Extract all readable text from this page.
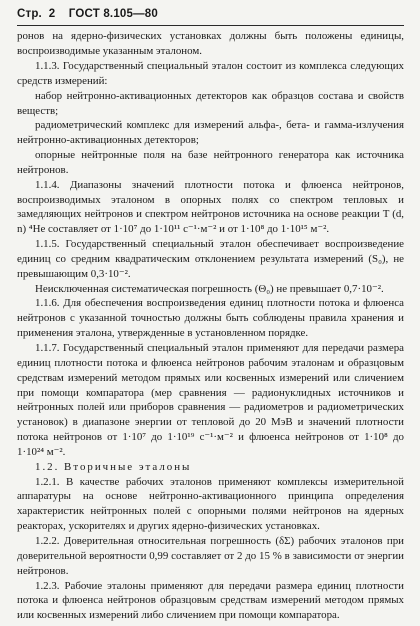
Стр. 2 ГОСТ 8.105—80

ронов на ядерно-физических установках должны быть положены единицы, воспроизводимые указанным эталоном.

1.1.3. Государственный специальный эталон состоит из комплекса следующих средств измерений:

набор нейтронно-активационных детекторов как образцов состава и свойств веществ;

радиометрический комплекс для измерений альфа-, бета- и гамма-излучения нейтронно-активационных детекторов;

опорные нейтронные поля на базе нейтронного генератора как источника нейтронов.

1.1.4. Диапазоны значений плотности потока и флюенса нейтронов, воспроизводимых эталоном в опорных полях со спектром тепловых и замедляющих нейтронов и спектром нейтронов источника на основе реакции T (d, n) ⁴He составляет от 1·10⁷ до 1·10¹¹ с⁻¹·м⁻² и от 1·10⁸ до 1·10¹⁵ м⁻².

1.1.5. Государственный специальный эталон обеспечивает воспроизведение единиц со средним квадратическим отклонением результата измерений (S₀), не превышающим 0,3·10⁻².

Неисключенная систематическая погрешность (Θ₀) не превышает 0,7·10⁻².

1.1.6. Для обеспечения воспроизведения единиц плотности потока и флюенса нейтронов с указанной точностью должны быть соблюдены правила хранения и применения эталона, утвержденные в установленном порядке.

1.1.7. Государственный специальный эталон применяют для передачи размера единиц плотности потока и флюенса нейтронов рабочим эталонам и образцовым средствам измерений методом прямых или косвенных измерений или сличением при помощи компаратора (мер сравнения — радионуклидных источников и нейтронных полей или приборов сравнения — радиометров и радиометрических установок) в диапазоне энергии от тепловой до 20 МэВ и значений плотности потока нейтронов от 1·10⁷ до 1·10¹⁹ с⁻¹·м⁻² и флюенса нейтронов от 1·10⁸ до 1·10²⁴ м⁻².

1.2. Вторичные эталоны

1.2.1. В качестве рабочих эталонов применяют комплексы измерительной аппаратуры на основе нейтронно-активационного принципа определения характеристик нейтронных полей с опорными полями нейтронов на ядерных реакторах, ускорителях и других ядерно-физических установках.

1.2.2. Доверительная относительная погрешность (δΣ) рабочих эталонов при доверительной вероятности 0,99 составляет от 2 до 15 % в зависимости от энергии нейтронов.

1.2.3. Рабочие эталоны применяют для передачи размера единиц плотности потока и флюенса нейтронов образцовым средствам измерений методом прямых или косвенных измерений либо сличением при помощи компаратора.
